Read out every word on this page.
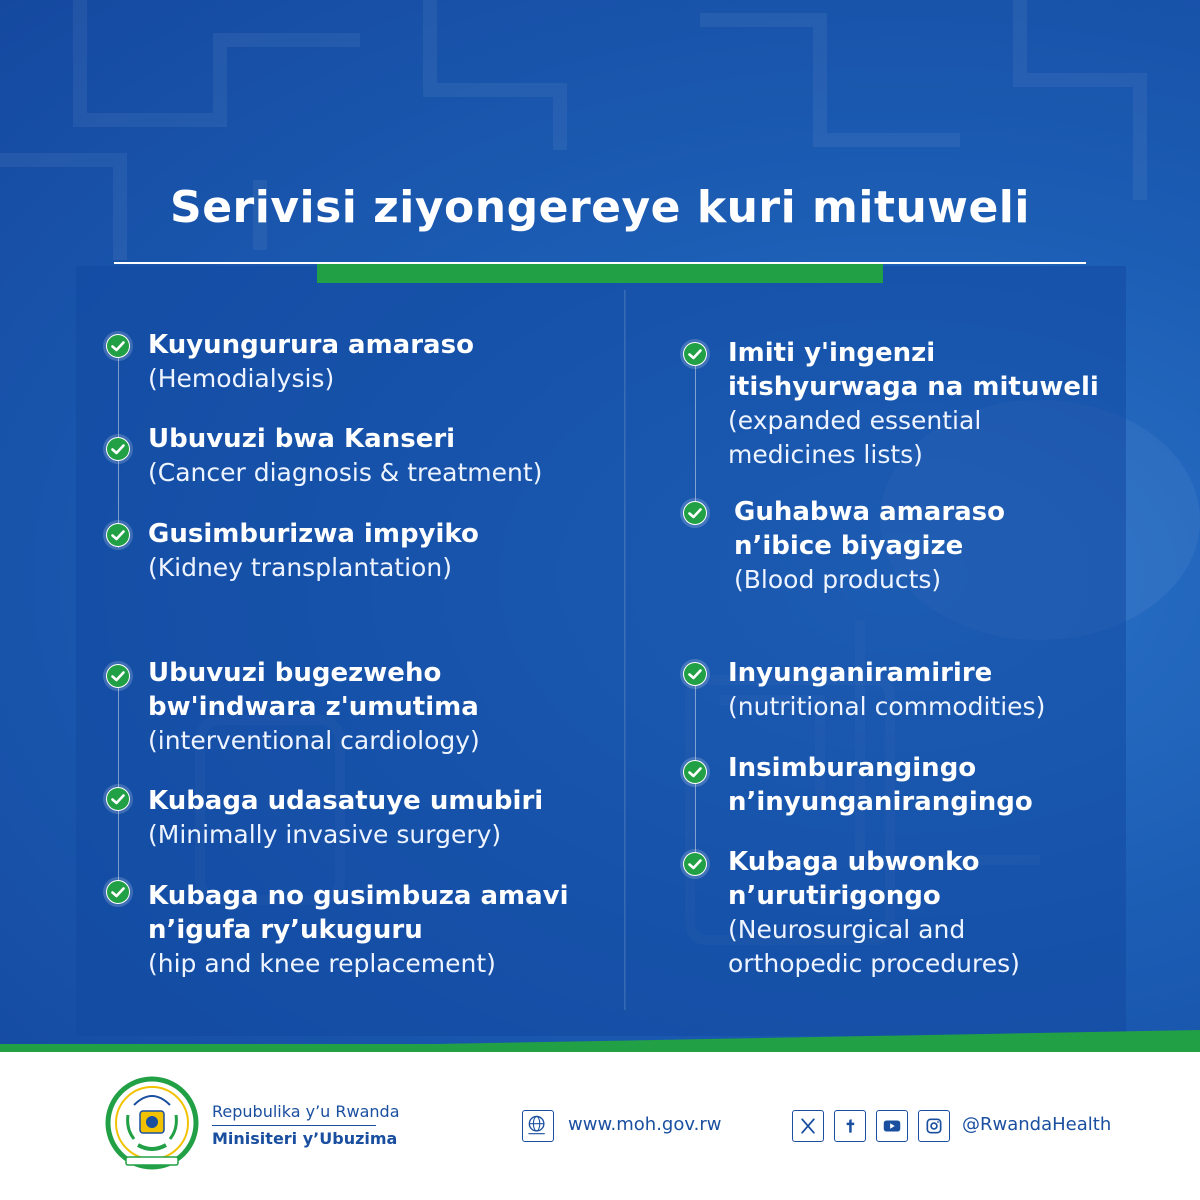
Serivisi ziyongereye kuri mituweli
Kuyungurura amaraso
(Hemodialysis)
Ubuvuzi bwa Kanseri
(Cancer diagnosis & treatment)
Gusimburizwa impyiko
(Kidney transplantation)
Ubuvuzi bugezweho
bw'indwara z'umutima
(interventional cardiology)
Kubaga udasatuye umubiri
(Minimally invasive surgery)
Kubaga no gusimbuza amavi
n’igufa ry’ukuguru
(hip and knee replacement)
Imiti y'ingenzi
itishyurwaga na mituweli
(expanded essential
medicines lists)
Guhabwa amaraso
n’ibice biyagize
(Blood products)
Inyunganiramirire
(nutritional commodities)
Insimburangingo
n’inyunganirangingo
Kubaga ubwonko
n’urutirigongo
(Neurosurgical and
orthopedic procedures)
Repubulika y’u Rwanda
Minisiteri y’Ubuzima
www.moh.gov.rw	@RwandaHealth
